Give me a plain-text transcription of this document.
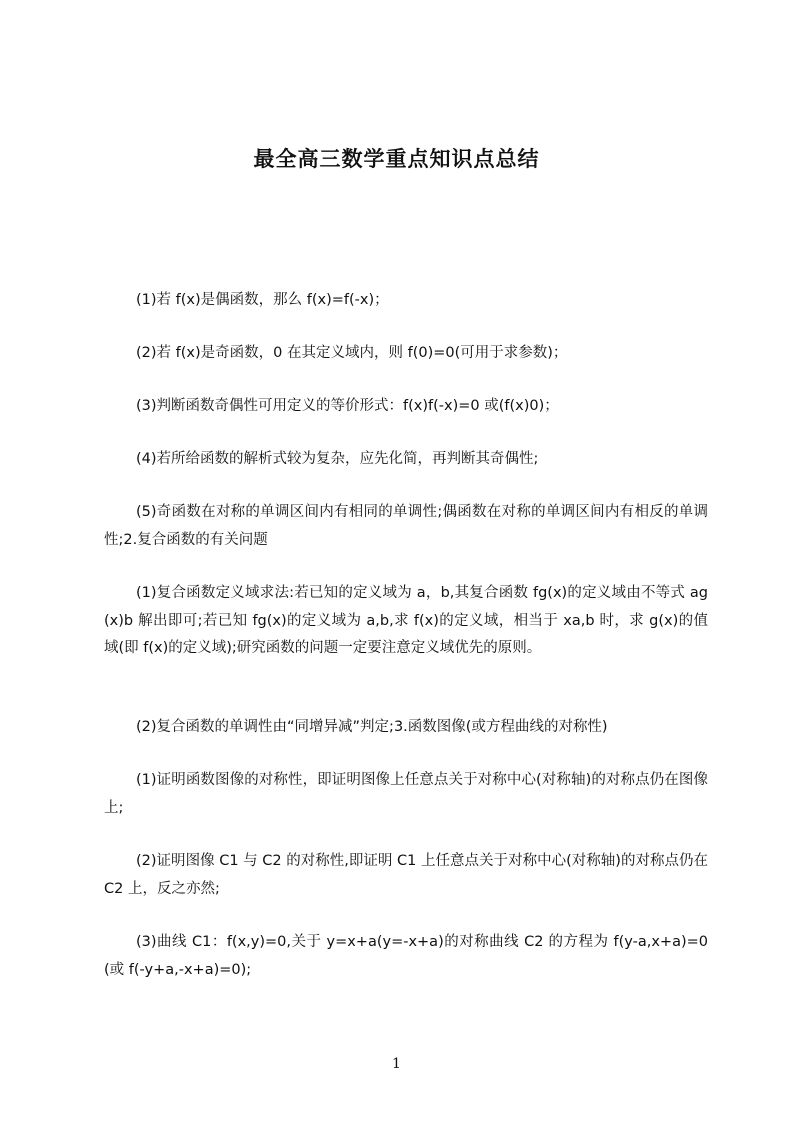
最全高三数学重点知识点总结

(1)若 f(x)是偶函数，那么 f(x)=f(-x)；

(2)若 f(x)是奇函数，0 在其定义域内，则 f(0)=0(可用于求参数)；

(3)判断函数奇偶性可用定义的等价形式：f(x)f(-x)=0 或(f(x)0)；

(4)若所给函数的解析式较为复杂，应先化简，再判断其奇偶性;

(5)奇函数在对称的单调区间内有相同的单调性;偶函数在对称的单调区间内有相反的单调性;2.复合函数的有关问题

(1)复合函数定义域求法:若已知的定义域为 a，b,其复合函数 fg(x)的定义域由不等式 ag(x)b 解出即可;若已知 fg(x)的定义域为 a,b,求 f(x)的定义域，相当于 xa,b 时，求 g(x)的值域(即 f(x)的定义域);研究函数的问题一定要注意定义域优先的原则。

(2)复合函数的单调性由“同增异减”判定;3.函数图像(或方程曲线的对称性)

(1)证明函数图像的对称性，即证明图像上任意点关于对称中心(对称轴)的对称点仍在图像上;

(2)证明图像 C1 与 C2 的对称性,即证明 C1 上任意点关于对称中心(对称轴)的对称点仍在 C2 上，反之亦然;

(3)曲线 C1：f(x,y)=0,关于 y=x+a(y=-x+a)的对称曲线 C2 的方程为 f(y-a,x+a)=0(或 f(-y+a,-x+a)=0);

1
